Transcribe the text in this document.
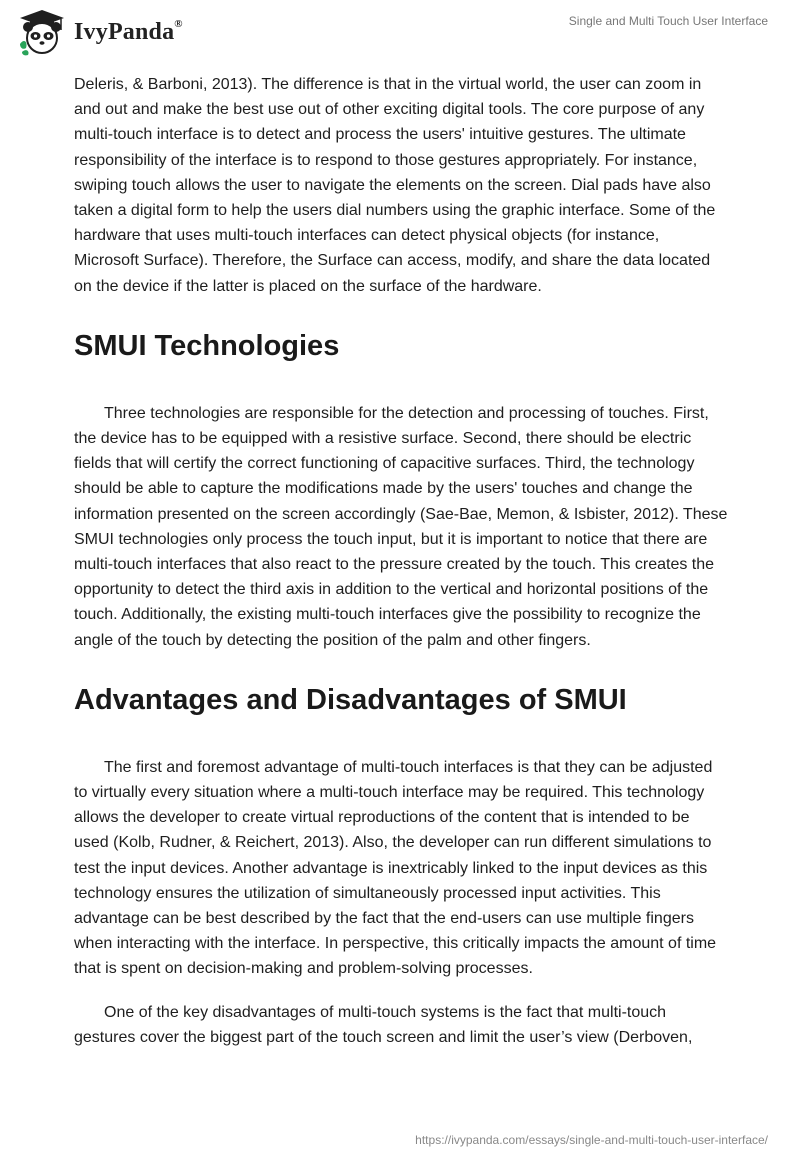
IvyPanda®	Single and Multi Touch User Interface

Deleris, & Barboni, 2013). The difference is that in the virtual world, the user can zoom in and out and make the best use out of other exciting digital tools. The core purpose of any multi-touch interface is to detect and process the users' intuitive gestures. The ultimate responsibility of the interface is to respond to those gestures appropriately. For instance, swiping touch allows the user to navigate the elements on the screen. Dial pads have also taken a digital form to help the users dial numbers using the graphic interface. Some of the hardware that uses multi-touch interfaces can detect physical objects (for instance, Microsoft Surface). Therefore, the Surface can access, modify, and share the data located on the device if the latter is placed on the surface of the hardware.

SMUI Technologies

Three technologies are responsible for the detection and processing of touches. First, the device has to be equipped with a resistive surface. Second, there should be electric fields that will certify the correct functioning of capacitive surfaces. Third, the technology should be able to capture the modifications made by the users' touches and change the information presented on the screen accordingly (Sae-Bae, Memon, & Isbister, 2012). These SMUI technologies only process the touch input, but it is important to notice that there are multi-touch interfaces that also react to the pressure created by the touch. This creates the opportunity to detect the third axis in addition to the vertical and horizontal positions of the touch. Additionally, the existing multi-touch interfaces give the possibility to recognize the angle of the touch by detecting the position of the palm and other fingers.

Advantages and Disadvantages of SMUI

The first and foremost advantage of multi-touch interfaces is that they can be adjusted to virtually every situation where a multi-touch interface may be required. This technology allows the developer to create virtual reproductions of the content that is intended to be used (Kolb, Rudner, & Reichert, 2013). Also, the developer can run different simulations to test the input devices. Another advantage is inextricably linked to the input devices as this technology ensures the utilization of simultaneously processed input activities. This advantage can be best described by the fact that the end-users can use multiple fingers when interacting with the interface. In perspective, this critically impacts the amount of time that is spent on decision-making and problem-solving processes.

One of the key disadvantages of multi-touch systems is the fact that multi-touch gestures cover the biggest part of the touch screen and limit the user’s view (Derboven,

https://ivypanda.com/essays/single-and-multi-touch-user-interface/
